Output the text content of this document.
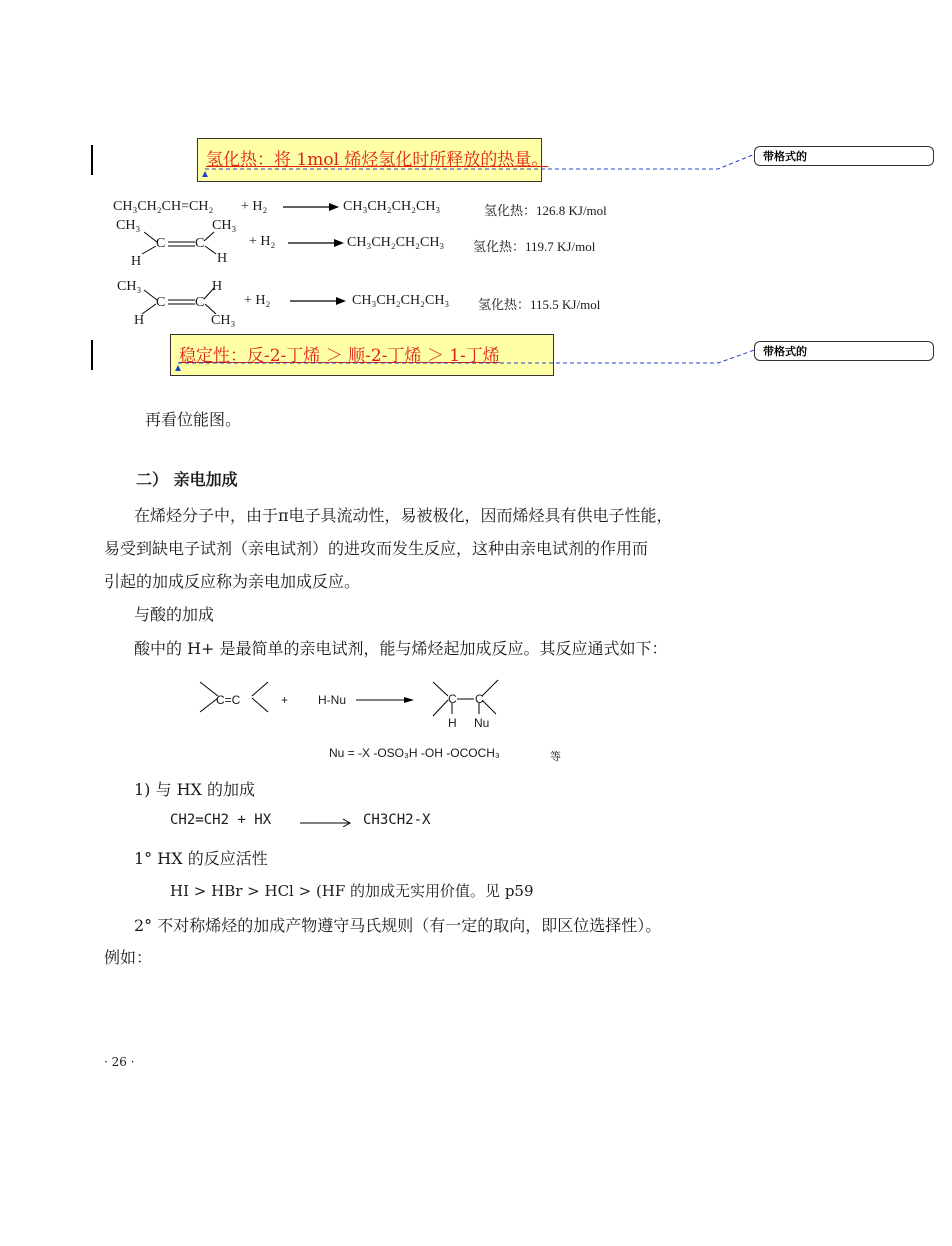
氢化热：将 1mol 烯烃氢化时所释放的热量。
稳定性：反-2-丁烯 ＞ 顺-2-丁烯 ＞ 1-丁烯
带格式的
带格式的
CH₃CH₂CH=CH₂ + H₂ → CH₃CH₂CH₂CH₃	氢化热：126.8 KJ/mol
CH₃	CH₃
H	H
C C	+ H₂ → CH₃CH₂CH₂CH₃ 氢化热：119.7 KJ/mol
CH₃	H
H	CH₃
C C	+ H₂ → CH₃CH₂CH₂CH₃ 氢化热：115.5 KJ/mol
再看位能图。
二） 亲电加成
在烯烃分子中，由于π电子具流动性，易被极化，因而烯烃具有供电子性能，
易受到缺电子试剂（亲电试剂）的进攻而发生反应，这种由亲电试剂的作用而
引起的加成反应称为亲电加成反应。
与酸的加成
酸中的 H+ 是最简单的亲电试剂，能与烯烃起加成反应。其反应通式如下：
C=C	+ H-Nu	C C
H Nu
Nu = -X -OSO₃H -OH -OCOCH₃	等
1) 与 HX 的加成
CH2=CH2 + HX → CH3CH2-X
1° HX 的反应活性
HI > HBr > HCl > (HF 的加成无实用价值。见 p59
2° 不对称烯烃的加成产物遵守马氏规则（有一定的取向，即区位选择性）。
例如：
· 26 ·
